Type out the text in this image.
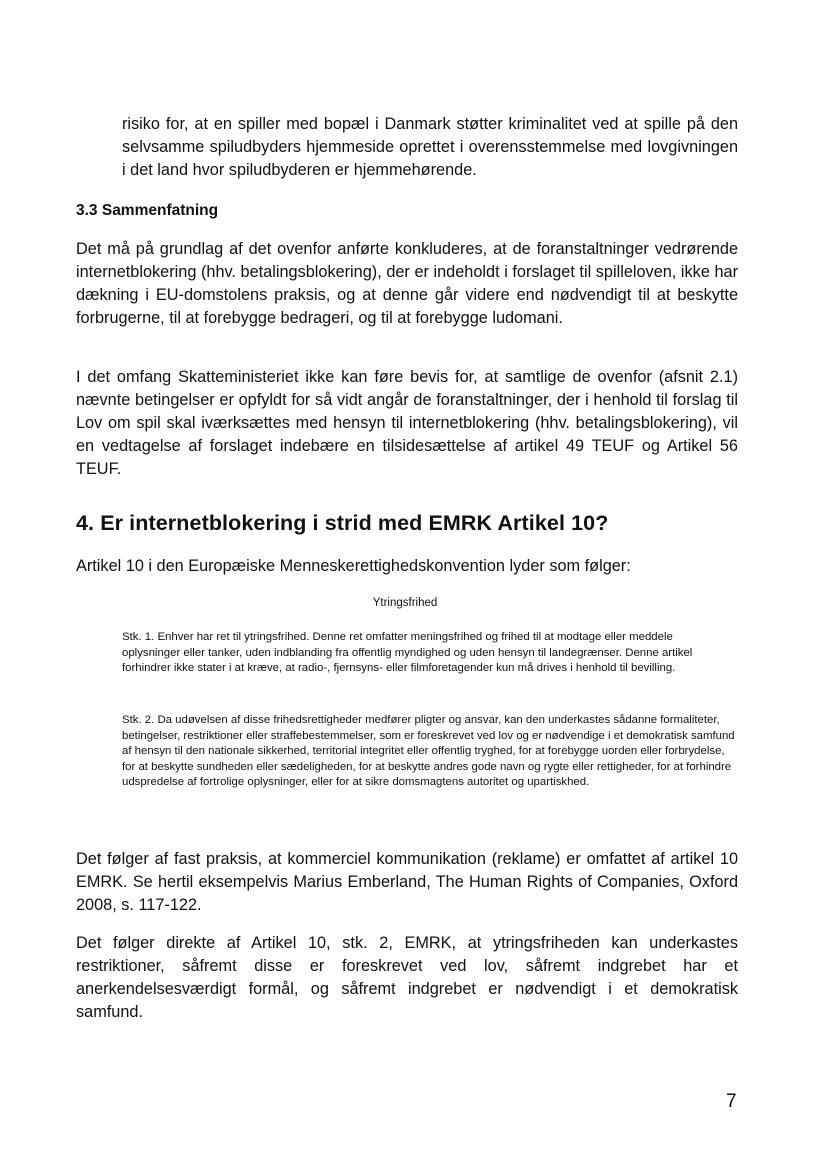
risiko for, at en spiller med bopæl i Danmark støtter kriminalitet ved at spille på den selvsamme spiludbyders hjemmeside oprettet i overensstemmelse med lovgivningen i det land hvor spiludbyderen er hjemmehørende.

3.3 Sammenfatning

Det må på grundlag af det ovenfor anførte konkluderes, at de foranstaltninger vedrørende internetblokering (hhv. betalingsblokering), der er indeholdt i forslaget til spilleloven, ikke har dækning i EU-domstolens praksis, og at denne går videre end nødvendigt til at beskytte forbrugerne, til at forebygge bedrageri, og til at forebygge ludomani.

I det omfang Skatteministeriet ikke kan føre bevis for, at samtlige de ovenfor (afsnit 2.1) nævnte betingelser er opfyldt for så vidt angår de foranstaltninger, der i henhold til forslag til Lov om spil skal iværksættes med hensyn til internetblokering (hhv. betalingsblokering), vil en vedtagelse af forslaget indebære en tilsidesættelse af artikel 49 TEUF og Artikel 56 TEUF.

4. Er internetblokering i strid med EMRK Artikel 10?

Artikel 10 i den Europæiske Menneskerettighedskonvention lyder som følger:

Ytringsfrihed

Stk. 1. Enhver har ret til ytringsfrihed. Denne ret omfatter meningsfrihed og frihed til at modtage eller meddele oplysninger eller tanker, uden indblanding fra offentlig myndighed og uden hensyn til landegrænser. Denne artikel forhindrer ikke stater i at kræve, at radio-, fjernsyns- eller filmforetagender kun må drives i henhold til bevilling.

Stk. 2. Da udøvelsen af disse frihedsrettigheder medfører pligter og ansvar, kan den underkastes sådanne formaliteter, betingelser, restriktioner eller straffebestemmelser, som er foreskrevet ved lov og er nødvendige i et demokratisk samfund af hensyn til den nationale sikkerhed, territorial integritet eller offentlig tryghed, for at forebygge uorden eller forbrydelse, for at beskytte sundheden eller sædeligheden, for at beskytte andres gode navn og rygte eller rettigheder, for at forhindre udspredelse af fortrolige oplysninger, eller for at sikre domsmagtens autoritet og upartiskhed.

Det følger af fast praksis, at kommerciel kommunikation (reklame) er omfattet af artikel 10 EMRK. Se hertil eksempelvis Marius Emberland, The Human Rights of Companies, Oxford 2008, s. 117-122.

Det følger direkte af Artikel 10, stk. 2, EMRK, at ytringsfriheden kan underkastes restriktioner, såfremt disse er foreskrevet ved lov, såfremt indgrebet har et anerkendelsesværdigt formål, og såfremt indgrebet er nødvendigt i et demokratisk samfund.

7
